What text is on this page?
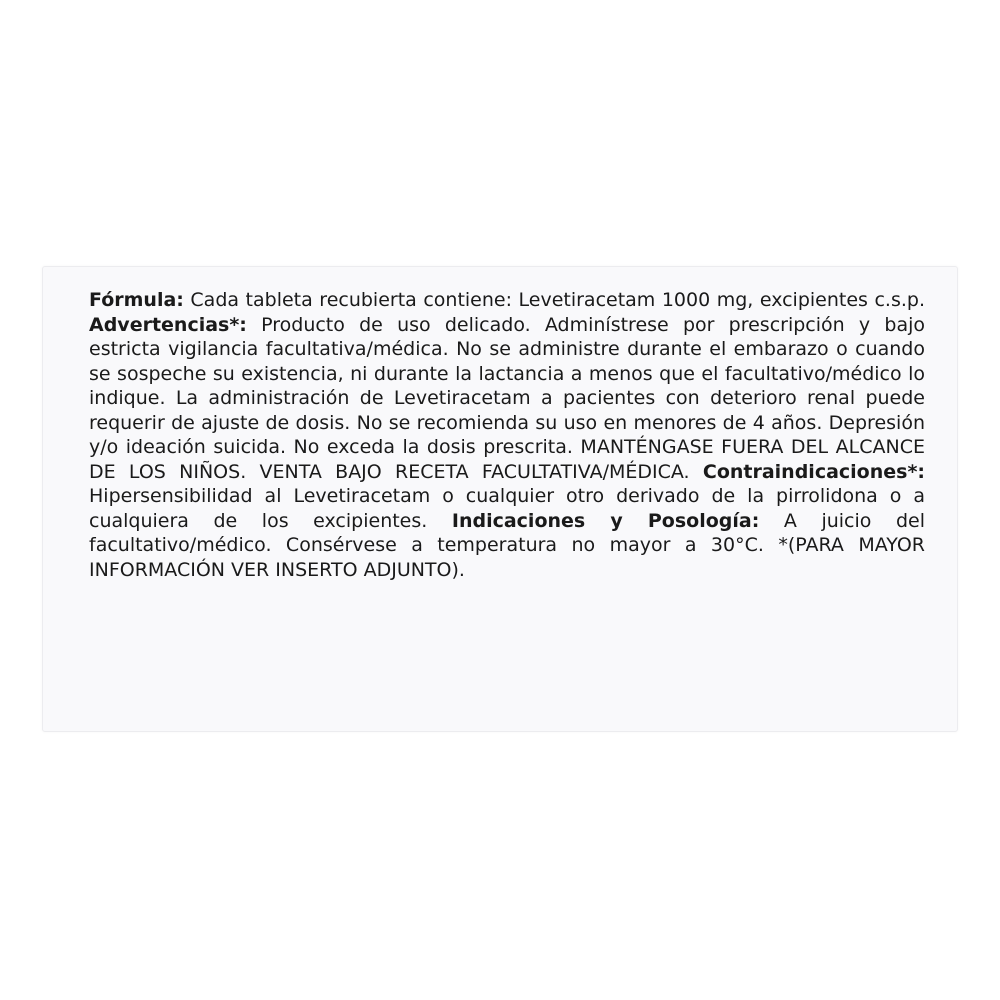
Fórmula: Cada tableta recubierta contiene: Levetiracetam 1000 mg, excipientes c.s.p. Advertencias*: Producto de uso delicado. Adminístrese por prescripción y bajo estricta vigilancia facultativa/médica. No se administre durante el embarazo o cuando se sospeche su existencia, ni durante la lactancia a menos que el facultativo/médico lo indique. La administración de Levetiracetam a pacientes con deterioro renal puede requerir de ajuste de dosis. No se recomienda su uso en menores de 4 años. Depresión y/o ideación suicida. No exceda la dosis prescrita. MANTÉNGASE FUERA DEL ALCANCE DE LOS NIÑOS. VENTA BAJO RECETA FACULTATIVA/MÉDICA. Contraindicaciones*: Hipersensibilidad al Levetiracetam o cualquier otro derivado de la pirrolidona o a cualquiera de los excipientes. Indicaciones y Posología: A juicio del facultativo/médico. Consérvese a temperatura no mayor a 30°C. *(PARA MAYOR INFORMACIÓN VER INSERTO ADJUNTO).
